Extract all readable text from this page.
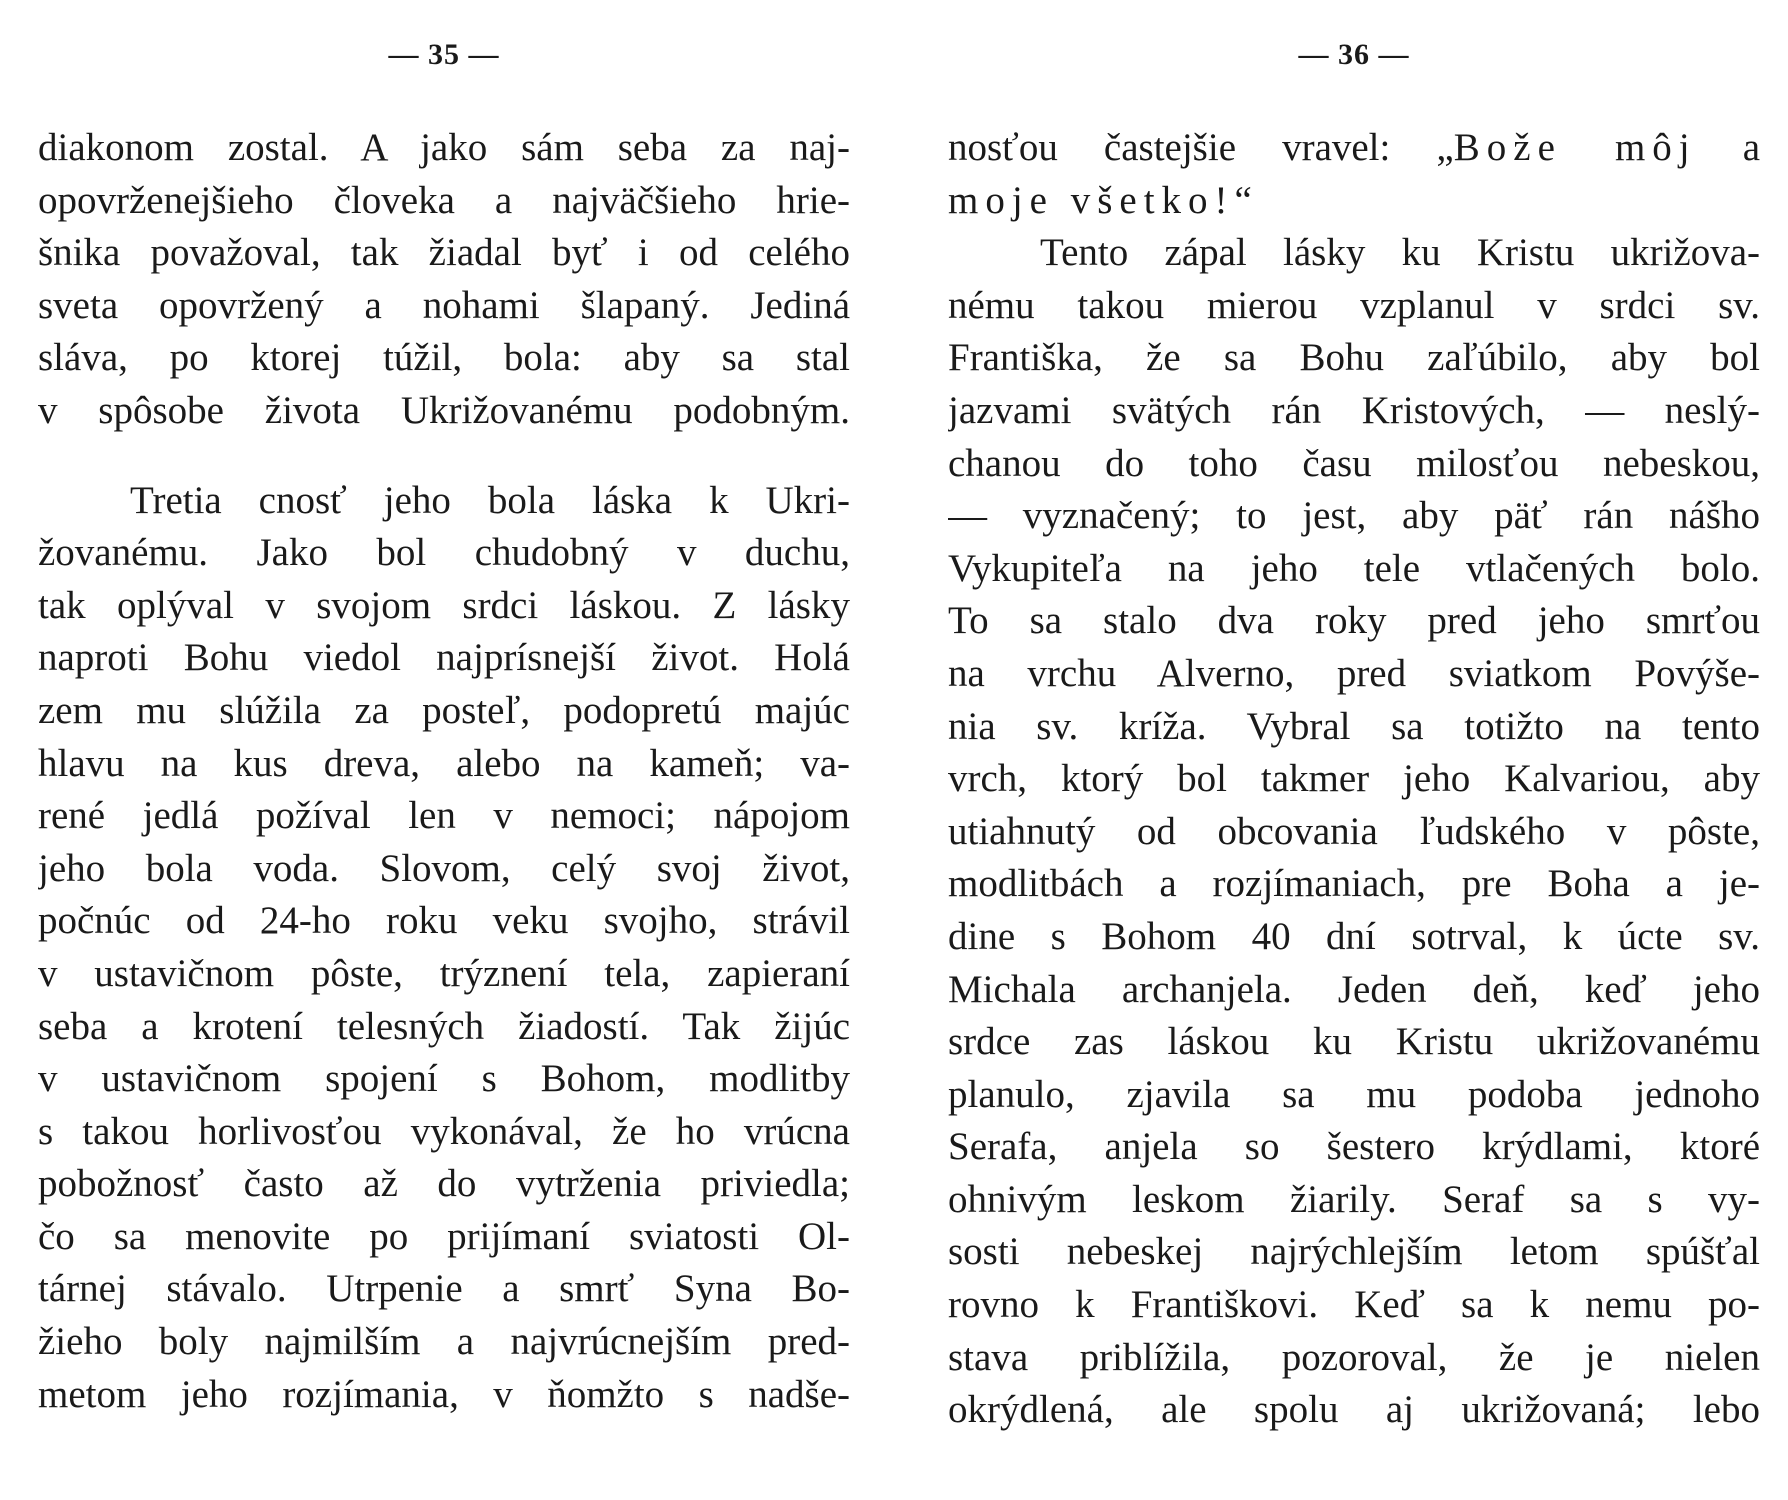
— 35 —
diakonom zostal. A jako sám seba za naj-
opovrženejšieho človeka a najväčšieho hrie-
šnika považoval, tak žiadal byť i od celého
sveta opovržený a nohami šlapaný. Jediná
sláva, po ktorej túžil, bola: aby sa stal
v spôsobe života Ukrižovanému podobným.
Tretia cnosť jeho bola láska k Ukri-
žovanému. Jako bol chudobný v duchu,
tak oplýval v svojom srdci láskou. Z lásky
naproti Bohu viedol najprísnejší život. Holá
zem mu slúžila za posteľ, podopretú majúc
hlavu na kus dreva, alebo na kameň; va-
rené jedlá požíval len v nemoci; nápojom
jeho bola voda. Slovom, celý svoj život,
počnúc od 24-ho roku veku svojho, strávil
v ustavičnom pôste, trýznení tela, zapieraní
seba a krotení telesných žiadostí. Tak žijúc
v ustavičnom spojení s Bohom, modlitby
s takou horlivosťou vykonával, že ho vrúcna
pobožnosť často až do vytrženia priviedla;
čo sa menovite po prijímaní sviatosti Ol-
tárnej stávalo. Utrpenie a smrť Syna Bo-
žieho boly najmilším a najvrúcnejším pred-
metom jeho rozjímania, v ňomžto s nadše-
— 36 —
nosťou častejšie vravel: „Bože môj a
moje všetko!“
Tento zápal lásky ku Kristu ukrižova-
nému takou mierou vzplanul v srdci sv.
Františka, že sa Bohu zaľúbilo, aby bol
jazvami svätých rán Kristových, — neslý-
chanou do toho času milosťou nebeskou,
— vyznačený; to jest, aby päť rán nášho
Vykupiteľa na jeho tele vtlačených bolo.
To sa stalo dva roky pred jeho smrťou
na vrchu Alverno, pred sviatkom Povýše-
nia sv. kríža. Vybral sa totižto na tento
vrch, ktorý bol takmer jeho Kalvariou, aby
utiahnutý od obcovania ľudského v pôste,
modlitbách a rozjímaniach, pre Boha a je-
dine s Bohom 40 dní sotrval, k úcte sv.
Michala archanjela. Jeden deň, keď jeho
srdce zas láskou ku Kristu ukrižovanému
planulo, zjavila sa mu podoba jednoho
Serafa, anjela so šestero krýdlami, ktoré
ohnivým leskom žiarily. Seraf sa s vy-
sosti nebeskej najrýchlejším letom spúšťal
rovno k Františkovi. Keď sa k nemu po-
stava priblížila, pozoroval, že je nielen
okrýdlená, ale spolu aj ukrižovaná; lebo
